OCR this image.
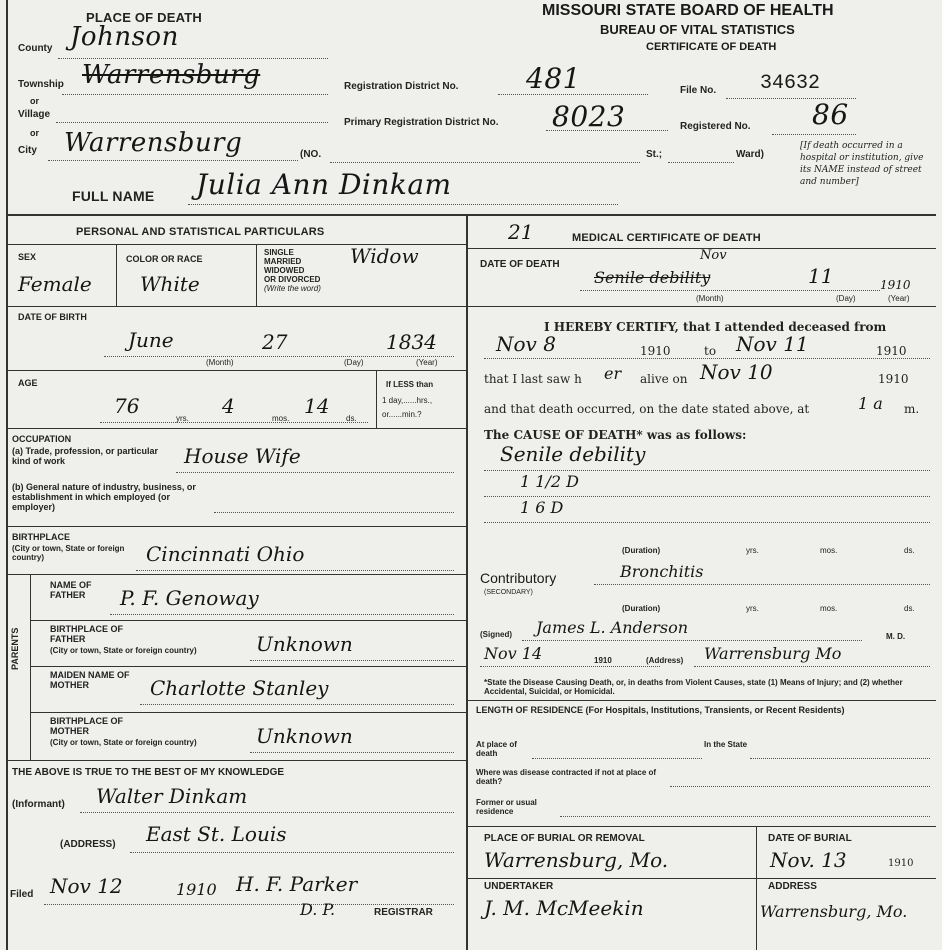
PLACE OF DEATH	MISSOURI STATE BOARD OF HEALTH
BUREAU OF VITAL STATISTICS
CERTIFICATE OF DEATH
County Johnson
Township Warrensburg
or
Village
or
City Warrensburg	(NO.	St.;	Ward)
[If death occurred in a hospital or institution, give its NAME instead of street and number]
Registration District No. 481
Primary Registration District No. 8023
File No. 34632
Registered No. 86
FULL NAME Julia Ann Dinkam
PERSONAL AND STATISTICAL PARTICULARS
SEX
Female
COLOR OR RACE
White
SINGLE
MARRIED
WIDOWED
OR DIVORCED
(Write the word)
Widow
DATE OF BIRTH
June	27	1834
(Month)	(Day)	(Year)
AGE
76
yrs.
4
mos.
14
ds.
If LESS than
1 day,......hrs.,
or......min.?
OCCUPATION
(a) Trade, profession, or particular kind of work	House Wife
(b) General nature of industry, business, or establishment in which employed (or employer)
BIRTHPLACE
(City or town, State or foreign country)	Cincinnati Ohio
PARENTS
NAME OF FATHER	P. F. Genoway
BIRTHPLACE OF FATHER
(City or town, State or foreign country)	Unknown
MAIDEN NAME OF MOTHER	Charlotte Stanley
BIRTHPLACE OF MOTHER
(City or town, State or foreign country)	Unknown
THE ABOVE IS TRUE TO THE BEST OF MY KNOWLEDGE
(Informant) Walter Dinkam
(ADDRESS) East St. Louis
Filed Nov 12	1910 H. F. Parker
D. P.	REGISTRAR
21	MEDICAL CERTIFICATE OF DEATH
DATE OF DEATH
Senile debility
Nov
11	1910
(Month)	(Day)	(Year)
I HEREBY CERTIFY, that I attended deceased from
Nov 8	1910	to Nov 11	1910
that I last saw h er alive on Nov 10	1910
and that death occurred, on the date stated above, at	1 a m.
The CAUSE OF DEATH* was as follows:
Senile debility
1 1/2 D
1 6 D
(Duration)	yrs.	mos.	ds.
Contributory
(SECONDARY)
Bronchitis
(Duration)	yrs.	mos.	ds.
(Signed) James L. Anderson	M. D.
Nov 14	1910	(Address) Warrensburg Mo
*State the Disease Causing Death, or, in deaths from Violent Causes, state (1) Means of Injury; and (2) whether Accidental, Suicidal, or Homicidal.
LENGTH OF RESIDENCE (For Hospitals, Institutions, Transients, or Recent Residents)
At place of death
In the State
Where was disease contracted if not at place of death?
Former or usual residence
PLACE OF BURIAL OR REMOVAL
Warrensburg, Mo.
DATE OF BURIAL
Nov. 13	1910
UNDERTAKER
J. M. McMeekin
ADDRESS
Warrensburg, Mo.
